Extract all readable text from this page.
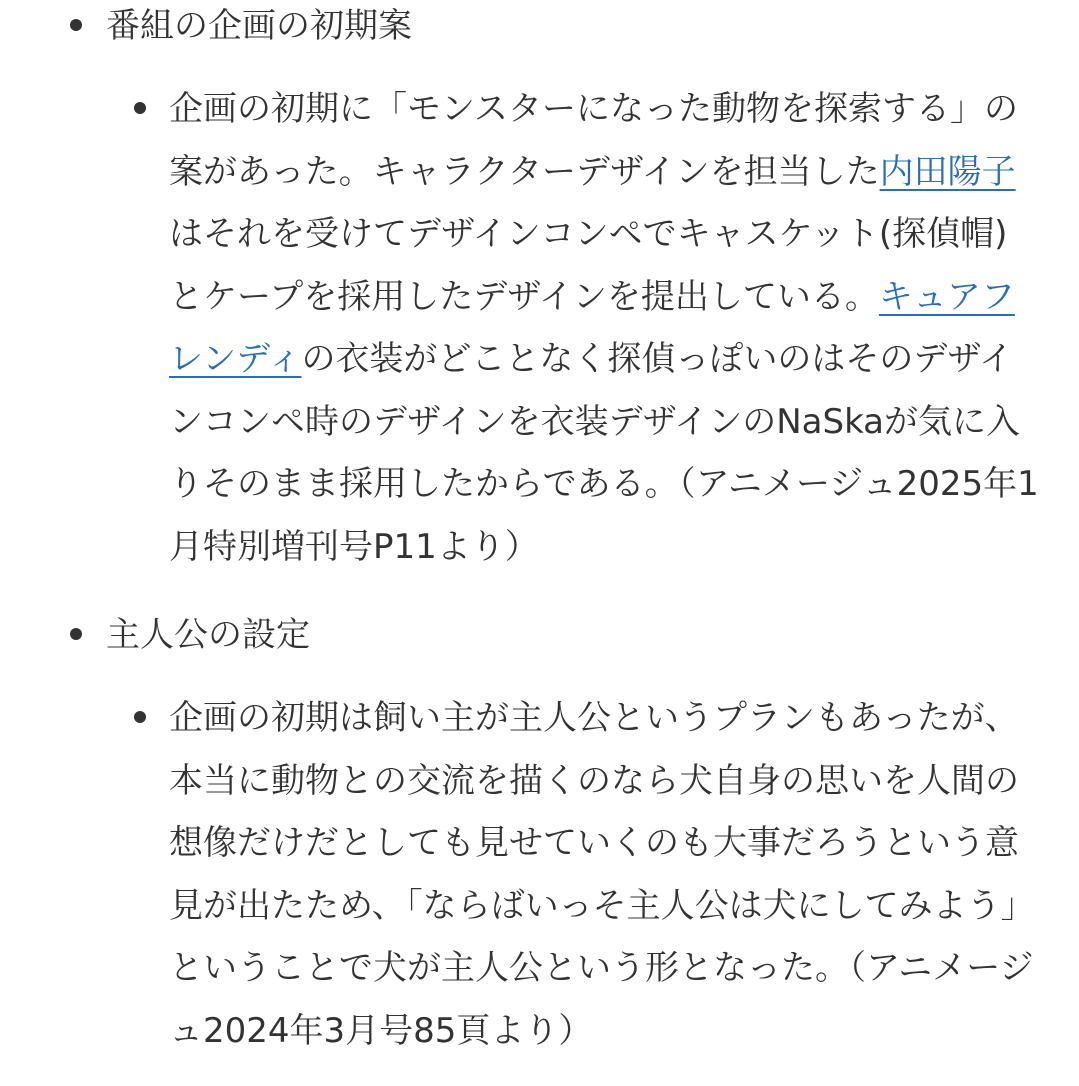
番組の企画の初期案
企画の初期に「モンスターになった動物を探索する」の案があった。キャラクターデザインを担当した内田陽子はそれを受けてデザインコンペでキャスケット(探偵帽)とケープを採用したデザインを提出している。キュアフレンディの衣装がどことなく探偵っぽいのはそのデザインコンペ時のデザインを衣装デザインのNaSkaが気に入りそのまま採用したからである。（アニメージュ2025年1月特別増刊号P11より）
主人公の設定
企画の初期は飼い主が主人公というプランもあったが、本当に動物との交流を描くのなら犬自身の思いを人間の想像だけだとしても見せていくのも大事だろうという意見が出たため、「ならばいっそ主人公は犬にしてみよう」ということで犬が主人公という形となった。（アニメージュ2024年3月号85頁より）
